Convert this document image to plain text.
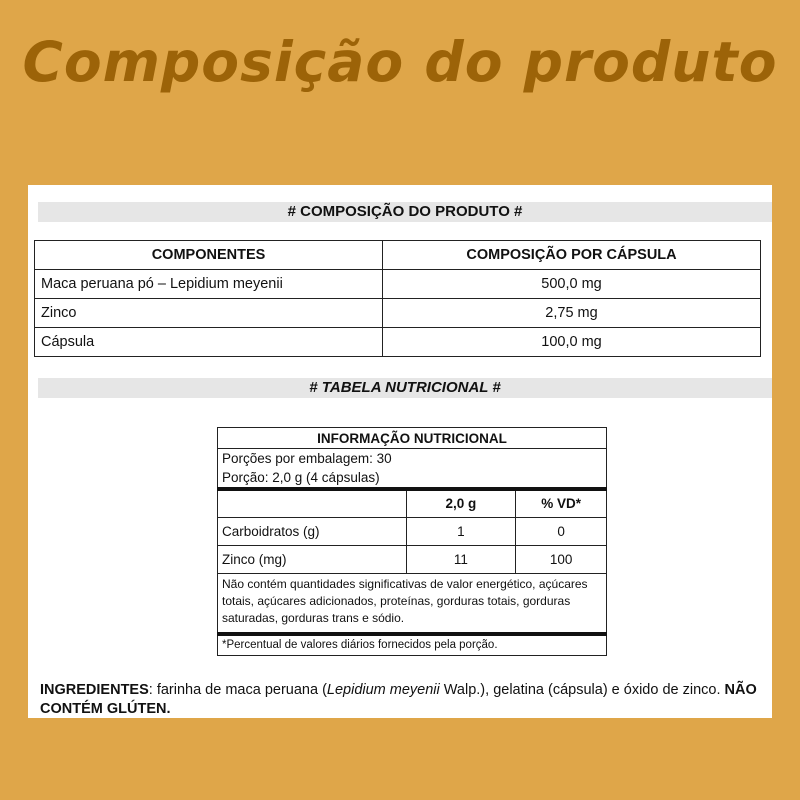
Composição do produto
# COMPOSIÇÃO DO PRODUTO #
COMPONENTES	COMPOSIÇÃO POR CÁPSULA
Maca peruana pó – Lepidium meyenii	500,0 mg
Zinco	2,75 mg
Cápsula	100,0 mg
# TABELA NUTRICIONAL #
INFORMAÇÃO NUTRICIONAL		
Porções por embalagem: 30		
Porção: 2,0 g (4 cápsulas)		
	2,0 g	% VD*
Carboidratos (g)	1	0
Zinco (mg)	11	100
Não contém quantidades significativas de valor energético, açúcares totais, açúcares adicionados, proteínas, gorduras totais, gorduras saturadas, gorduras trans e sódio.		
*Percentual de valores diários fornecidos pela porção.		

INGREDIENTES: farinha de maca peruana (Lepidium meyenii Walp.), gelatina (cápsula) e óxido de zinco. NÃO CONTÉM GLÚTEN.
